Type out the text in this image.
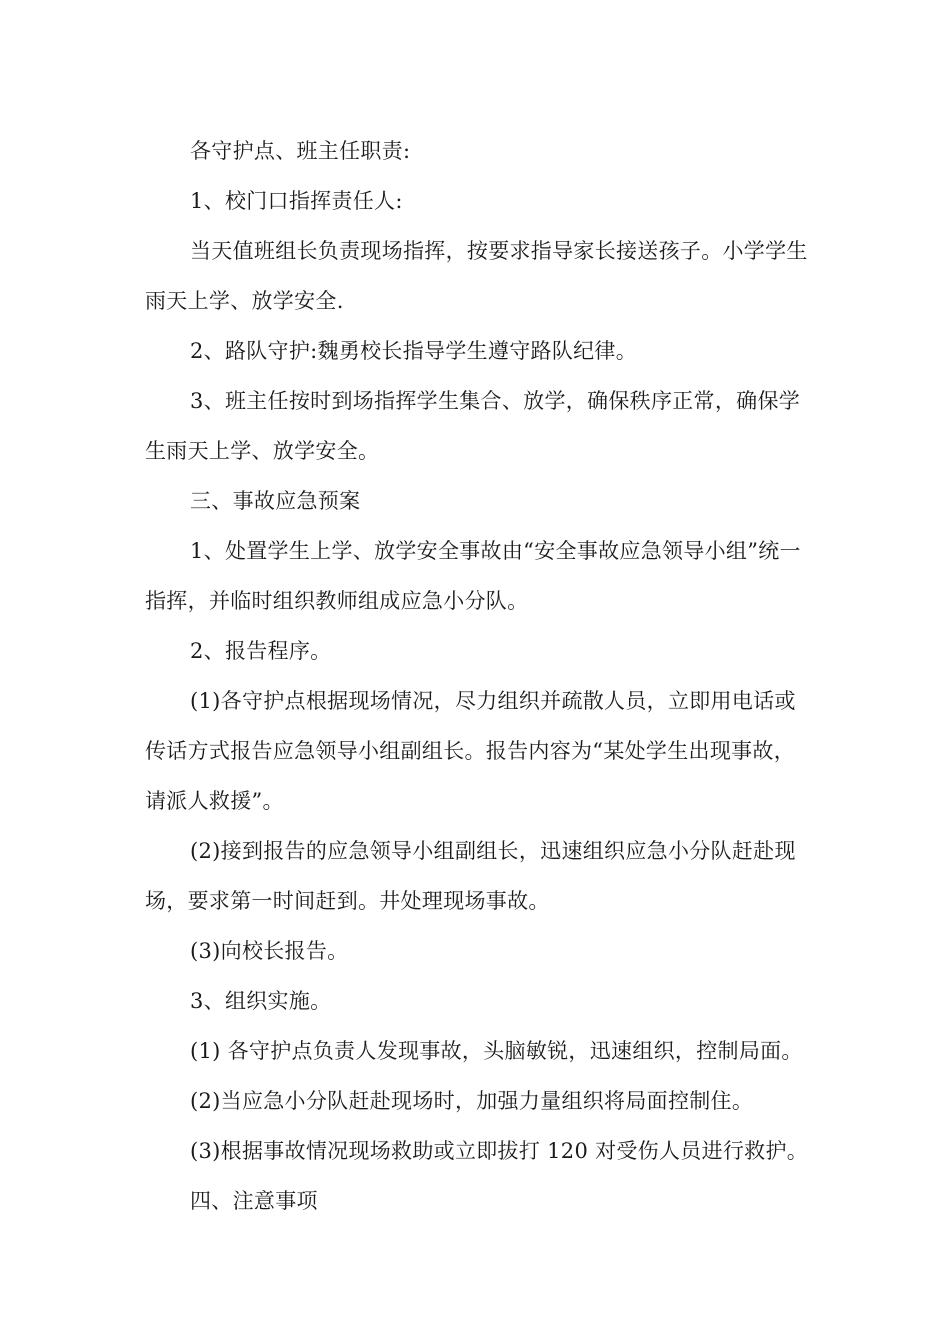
各守护点、班主任职责:

1、校门口指挥责任人:

当天值班组长负责现场指挥，按要求指导家长接送孩子。小学学生雨天上学、放学安全.

2、路队守护:魏勇校长指导学生遵守路队纪律。

3、班主任按时到场指挥学生集合、放学，确保秩序正常，确保学生雨天上学、放学安全。

三、事故应急预案

1、处置学生上学、放学安全事故由“安全事故应急领导小组”统一指挥，并临时组织教师组成应急小分队。

2、报告程序。

(1)各守护点根据现场情况，尽力组织并疏散人员，立即用电话或传话方式报告应急领导小组副组长。报告内容为“某处学生出现事故，请派人救援”。

(2)接到报告的应急领导小组副组长，迅速组织应急小分队赶赴现场，要求第一时间赶到。井处理现场事故。

(3)向校长报告。

3、组织实施。

(1) 各守护点负责人发现事故，头脑敏锐，迅速组织，控制局面。

(2)当应急小分队赶赴现场时，加强力量组织将局面控制住。

(3)根据事故情况现场救助或立即拔打 120 对受伤人员进行救护。

四、注意事项
